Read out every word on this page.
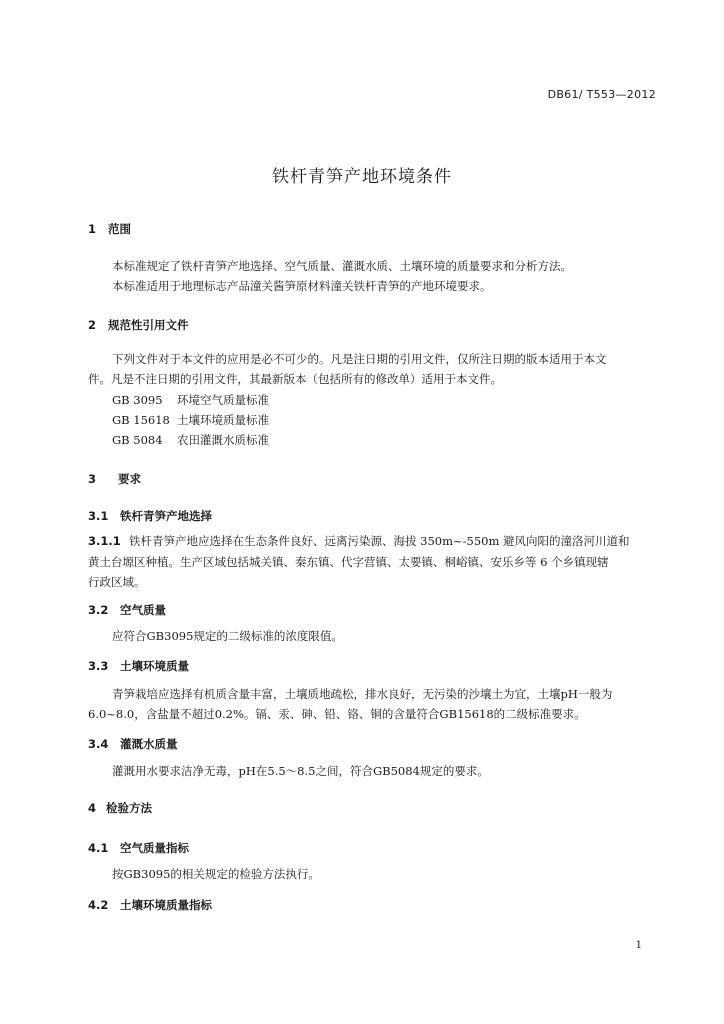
DB61/ T553—2012
铁杆青笋产地环境条件
1 范围
本标准规定了铁杆青笋产地选择、空气质量、灌溉水质、土壤环境的质量要求和分析方法。
本标准适用于地理标志产品潼关酱笋原材料潼关铁杆青笋的产地环境要求。
2 规范性引用文件
下列文件对于本文件的应用是必不可少的。凡是注日期的引用文件，仅所注日期的版本适用于本文
件。凡是不注日期的引用文件，其最新版本（包括所有的修改单）适用于本文件。
GB 3095 环境空气质量标准
GB 15618 土壤环境质量标准
GB 5084 农田灌溉水质标准
3 要求
3.1 铁杆青笋产地选择
3.1.1 铁杆青笋产地应选择在生态条件良好、远离污染源、海拔 350m~-550m 避风向阳的潼洛河川道和
黄土台塬区种植。生产区域包括城关镇、秦东镇、代字营镇、太要镇、桐峪镇、安乐乡等 6 个乡镇现辖
行政区域。
3.2 空气质量
应符合GB3095规定的二级标准的浓度限值。
3.3 土壤环境质量
青笋栽培应选择有机质含量丰富，土壤质地疏松，排水良好，无污染的沙壤土为宜，土壤pH一般为
6.0~8.0，含盐量不超过0.2%。镉、汞、砷、铅、铬、铜的含量符合GB15618的二级标准要求。
3.4 灌溉水质量
灌溉用水要求洁净无毒，pH在5.5～8.5之间，符合GB5084规定的要求。
4 检验方法
4.1 空气质量指标
按GB3095的相关规定的检验方法执行。
4.2 土壤环境质量指标
1
